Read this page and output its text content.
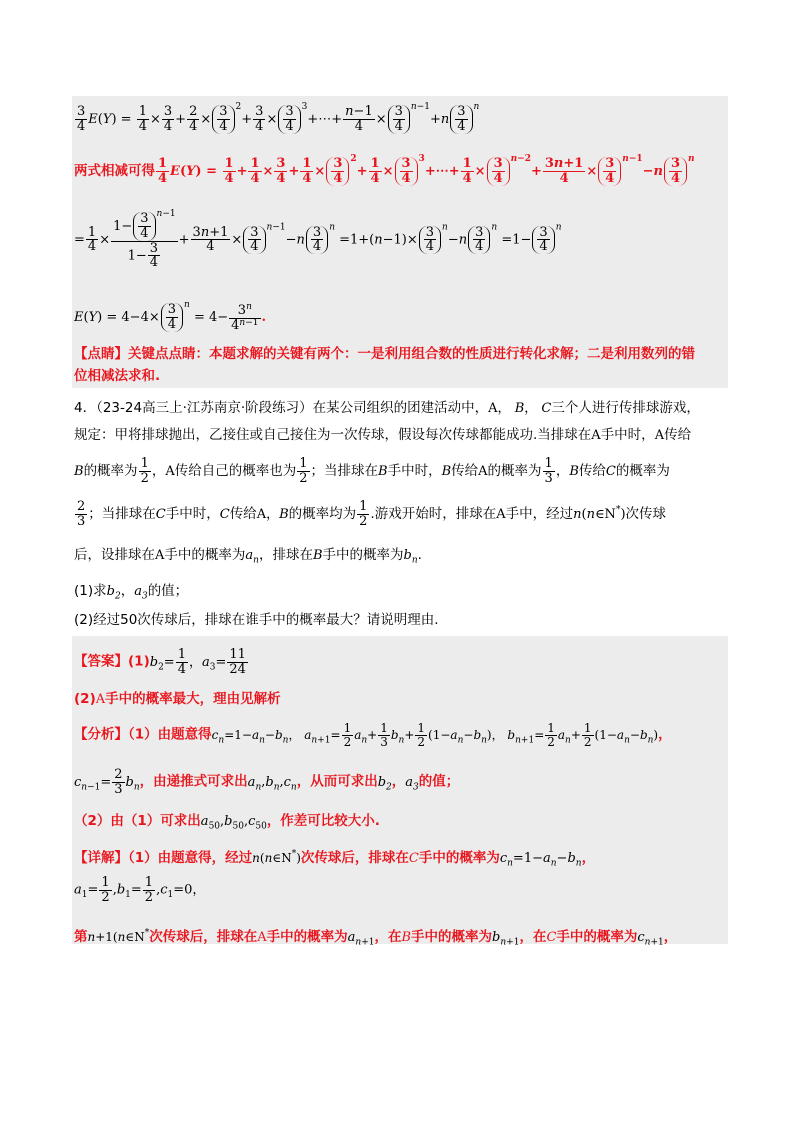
$\frac{3}{4} E(Y) = \frac{1}{4} \times \frac{3}{4} + \frac{2}{4} \times \frac{3}{4} ^2+ \frac{3}{4} \times \frac{3}{4}$ $^3$+⋯+ $\frac{n-1}{4} \times \frac{3}{4} ^{n-1}+n \frac{3}{4} ^n$
两式相减可得 $\frac{1}{4} E(Y) = \frac{1}{4} + \frac{1}{4} \times \frac{3}{4} + \frac{1}{4} \times \frac{3}{4} ^2+ \frac{1}{4} \times \frac{3}{4}$ $^3$+⋯+ $\frac{1}{4} \times \frac{3}{4} ^{n-2}+ \frac{3n+1}{4} \times \frac{3}{4} ^{n-1}-n \frac{3}{4} ^n$
= $\frac{1}{4} \times \frac{1- \frac{3}{4} ^{n-1}}{1- \frac{3}{4}} + \frac{3n+1}{4} \times \frac{3}{4} ^{n-1}-n \frac{3}{4} ^n =1+(n-1)\times \frac{3}{4} ^n-n \frac{3}{4} ^n =1- \frac{3}{4} ^n$
$E(Y) = 4-4\times \frac{3}{4} ^n = 4- \frac{3^n}{4^{n-1}}$ .
【点睛】关键点点睛：本题求解的关键有两个：一是利用组合数的性质进行转化求解；二是利用数列的错
位相减法求和.
4．（23-24高三上·江苏南京·阶段练习）在某公司组织的团建活动中，A， B， C三个人进行传排球游戏，
规定：甲将排球抛出，乙接住或自己接住为一次传球，假设每次传球都能成功.当排球在A手中时，A传给
B的概率为 $\frac{1}{2}$ ，A传给自己的概率也为 $\frac{1}{2}$ ；当排球在B手中时，B传给A的概率为 $\frac{1}{3}$ ，B传给C的概率为
$\frac{2}{3}$ ；当排球在C手中时，C传给A，B的概率均为 $\frac{1}{2}$ .游戏开始时，排球在A手中，经过n(n∈N*)次传球
后，设排球在A手中的概率为$a_n$，排球在B手中的概率为$b_n$.
(1)求$b_2$，$a_3$的值；
(2)经过50次传球后，排球在谁手中的概率最大？请说明理由.
【答案】$(1)b_2= \frac{1}{4}$ ，$a_3= \frac{11}{24}$
(2)A手中的概率最大，理由见解析
【分析】（1）由题意得$c_n=1-a_n-b_n$， $a_{n+1}= \frac{1}{2} a_n+ \frac{1}{3} b_n+ \frac{1}{2} (1-a_n-b_n)$， $b_{n+1}= \frac{1}{2} a_n+ \frac{1}{2} (1-a_n-b_n)$，
$c_{n-1}= \frac{2}{3} b_n$，由递推式可求出$a_n,b_n,c_n$，从而可求出$b_2$，$a_3$的值；
（2）由（1）可求出$a_{50},b_{50},c_{50}$，作差可比较大小.
【详解】（1）由题意得，经过n(n∈N*)次传球后，排球在C手中的概率为$c_n=1-a_n-b_n$，
$a_1= \frac{1}{2} ,b_1= \frac{1}{2} ,c_1=0$，
第n+1(n∈N*次传球后，排球在A手中的概率为$a_{n+1}$，在B手中的概率为$b_{n+1}$，在C手中的概率为$c_{n+1}$，
